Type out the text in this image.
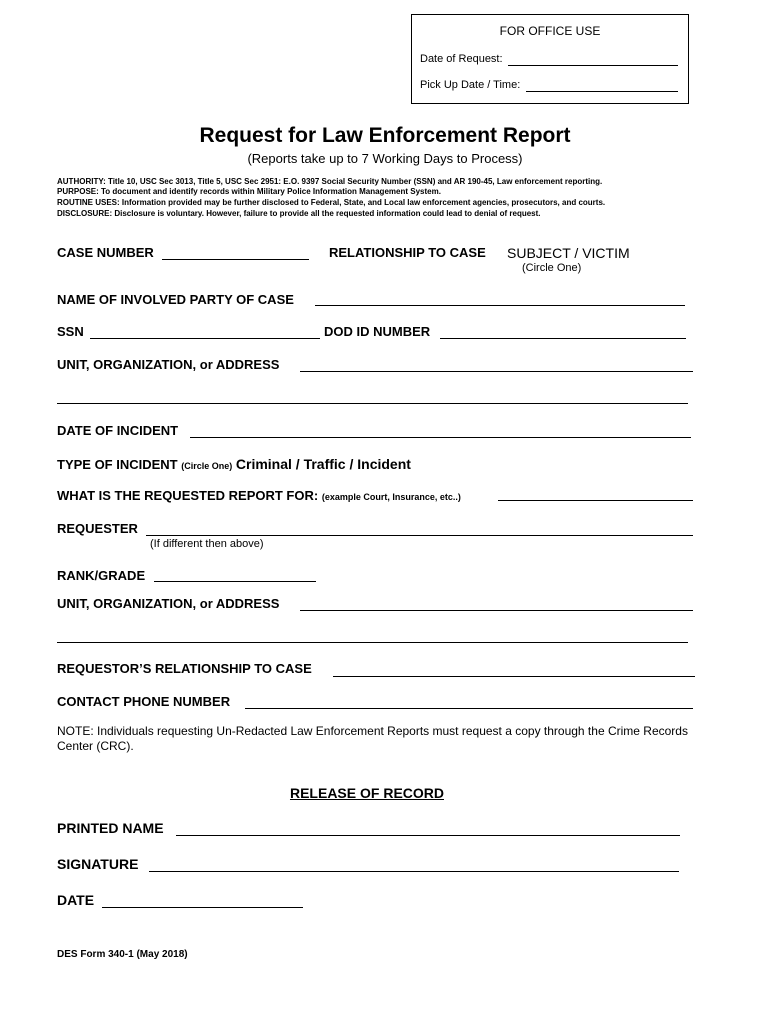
FOR OFFICE USE
Date of Request:
Pick Up Date / Time:
Request for Law Enforcement Report
(Reports take up to 7 Working Days to Process)
AUTHORITY: Title 10, USC Sec 3013, Title 5, USC Sec 2951: E.O. 9397 Social Security Number (SSN) and AR 190-45, Law enforcement reporting.
PURPOSE: To document and identify records within Military Police Information Management System.
ROUTINE USES: Information provided may be further disclosed to Federal, State, and Local law enforcement agencies, prosecutors, and courts.
DISCLOSURE: Disclosure is voluntary. However, failure to provide all the requested information could lead to denial of request.
CASE NUMBER	RELATIONSHIP TO CASE SUBJECT / VICTIM
(Circle One)
NAME OF INVOLVED PARTY OF CASE
SSN	DOD ID NUMBER
UNIT, ORGANIZATION, or ADDRESS
DATE OF INCIDENT
TYPE OF INCIDENT (Circle One) Criminal / Traffic / Incident
WHAT IS THE REQUESTED REPORT FOR: (example Court, Insurance, etc..)
REQUESTER
(If different then above)
RANK/GRADE
UNIT, ORGANIZATION, or ADDRESS
REQUESTOR’S RELATIONSHIP TO CASE
CONTACT PHONE NUMBER
NOTE: Individuals requesting Un-Redacted Law Enforcement Reports must request a copy through the Crime Records Center (CRC).
RELEASE OF RECORD
PRINTED NAME
SIGNATURE
DATE
DES Form 340-1 (May 2018)
